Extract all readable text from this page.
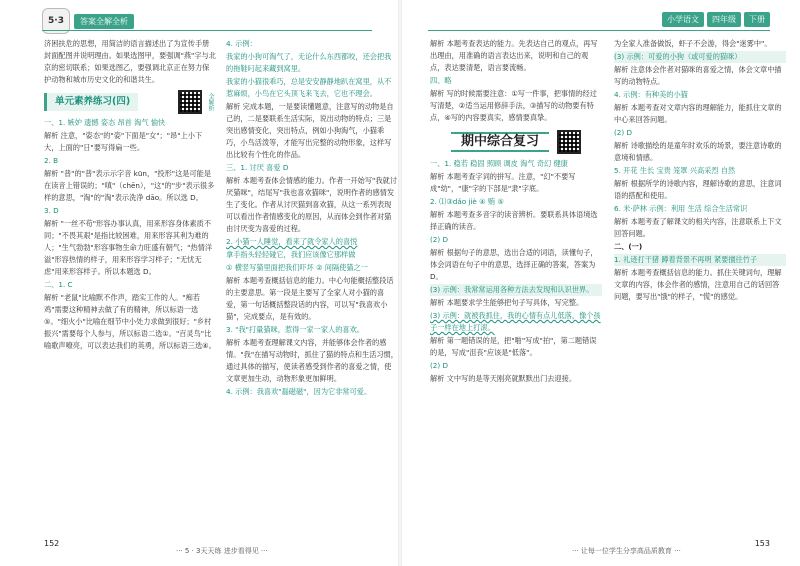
5·3	答案全解全析

济困扶危的思想，用简洁的语言描述出了为宣传手册封面配图并说明理由。如果选图甲，要强调"燕"字与北京的密切联系；如果选图乙，要强调北京正在努力保护动物和城市历史文化的和谐共生。

单元素养练习(四)	全解析

一、1. 嫉妒 遗憾 姿态 昂首 淘气 愉快

解析 注意，"姿态"的"姿"下面是"女"；"昂"上小下大，上面的"日"要写得扁一些。

2. B

解析 "普"的"普"表示示字音 kūn，"投形"这是可能是在读音上错误的；"嗔"（chēn），"这"的"步"表示很多样的意思，"淘"的"淘"表示洗净 dāo。所以选 D。

3. D

解析 "一丝不苟"形容办事认真，用来形容身体素质不同；"不畏其艰"是指比较困难，用来形容其利为难的人；"生气勃勃"形容事物生命力旺盛有朝气；"热情洋溢"形容热情的样子，用来形容学习样子；"无忧无虑"用来形容样子。所以本题选 D。

二、1. C

解析 "老鼠"比喻默不作声，踏实工作的人。"痴若鸡"需要这种精神去做了有的精神，所以标语一选⑤。"细火小"比喻在细节中小处力求做到很好；"乡村振兴"需要每个人参与，所以标语二选①。"百灵鸟"比喻歌声嘹亮，可以表达我们的英勇，所以标语三选④。

4. 示例：

我家的小狗可淘气了，无论什么东西都咬，还会把我的拖鞋叼起来藏到窝里。

我家的小猫很乖巧，总是安安静静地趴在窝里，从不惹麻烦，小鸟在它头顶飞来飞去，它也不理会。

解析 完成本题，一是要读懂题意，注意写的动物是自己的，二是要联系生活实际，说出动物的特点；三是突出感情变化，突出特点，例如小狗淘气，小猫乖巧，小鸟活泼等，才能写出完整的动物形象，这样写出比较有个性化的作品。

三、1. 讨厌 喜爱 D

解析 本题考查体会情感的能力。作者一开始写"我就讨厌猫咪"，结尾写"我也喜欢猫咪"，说明作者的感情发生了变化。作者从讨厌猫到喜欢猫，从这一系列表现可以看出作者情感变化的原因，从而体会到作者对猫由讨厌变为喜爱的过程。

2. 小猫一人睡觉，看来了就令家人的喜悦

拿手指头轻轻碰它，我们应该像它那样做

① 横竖写猫里面把我们吓坏 ② 间隔使猫之一

解析 本题考查概括信息的能力。中心句能概括整段话的主要意思。第一段是主要写了全家人对小猫的喜爱，第一句话概括整段话的内容，可以写"我喜欢小猫"，完成要点，是有效的。

3. "我"打量猫咪，惹得一家一家人的喜欢。

解析 本题考查理解课文内容，并能够体会作者的感情。"我"在描写动物时，抓住了猫的特点和生活习惯，通过具体的描写，使读者感受到作者的喜爱之情，使文章更加生动，动物形象更加鲜明。

4. 示例：我喜欢"磊磁磁"，因为它非常可爱。

152
··· 5 · 3天天练 进步看得见 ···
小学语文	四年级	下册

解析 本题考查表达的能力。先表达自己的观点，再写出理由，用准确的语言表达出来，说明和自己的观点，表达要清楚，语言要流畅。

四、略

解析 写的时候需要注意：①写一件事，把事情的经过写清楚，②适当运用修辞手法，③描写的动物要有特点，④写的内容要真实，感情要真挚。

期中综合复习

一、1. 稳若 稳固 照顾 调皮 淘气 奇幻 健康

解析 本题考查字词的拼写。注意，"幻"不要写成"幼"，"康"字的下部是"隶"字底。

2. ⑴③dǎo jiè ④ 贿 ⑤

解析 本题考查多音字的读音辨析。要联系具体语境选择正确的读音。

(2) D

解析 根据句子的意思，选出合适的词语，读懂句子，体会词语在句子中的意思，选择正确的答案，答案为 D。

(3) 示例：我常常运用各种方法去发现和认识世界。

解析 本题要求学生能够把句子写具体，写完整。

(3) 示例：就被我抓住，我的心情有点儿低落，像个孩子一样在地上打滚。

解析 第一题错误的是，把"啪"写成"拍"，第二题错误的是，写成"沮丧"应该是"低落"。

(2) D

解析 文中写的是等天刚亮就默默出门去迎接。

为全家人准备做饭，虾子不会游，得会"迷雾中"。

(3) 示例：可爱的小狗（或可爱的猫咪）

解析 注意体会作者对猫咪的喜爱之情，体会文章中描写的动物特点。

4. 示例：有种美的小猫

解析 本题考查对文章内容的理解能力，能抓住文章的中心来回答问题。

(2) D

解析 诗歌描绘的是童年时欢乐的场景，要注意诗歌的意境和情感。

5. 开花 生长 宝贵 笼罩 兴高采烈 自然

解析 根据所学的诗歌内容，理解诗歌的意思，注意词语的搭配和使用。

6. 米·萨林 示例：利用 生活 综合生活常识

解析 本题考查了解课文的相关内容，注意联系上下文回答问题。

二、(一)

1. 礼迹打干猪 蹲着背景不再明 紧要擅往竹子

解析 本题考查概括信息的能力。抓住关键词句，理解文章的内容，体会作者的感情，注意用自己的话回答问题，要写出"饿"的样子，"慌"的感觉。

··· 让每一位学生分享高品质教育 ···
153
